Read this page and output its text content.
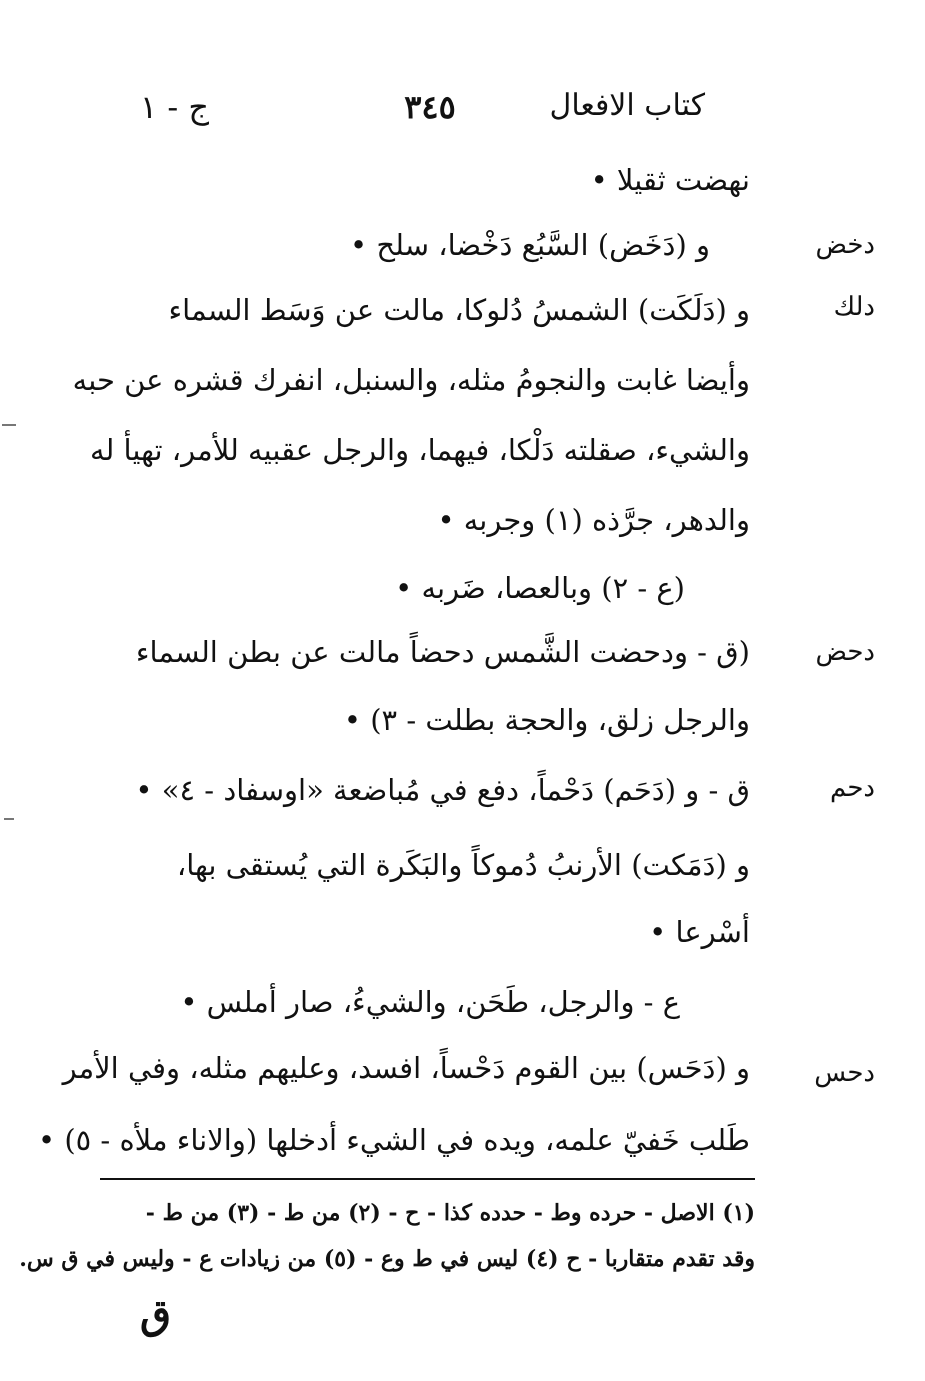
كتاب الافعال
٣٤٥
ج - ١
نهضت ثقيلا •
دخض
و (دَخَض) السَّبُع دَخْضا، سلح •
دلك
و (دَلَكَت) الشمسُ دُلوكا، مالت عن وَسَط السماء
وأيضا غابت والنجومُ مثله، والسنبل، انفرك قشره عن حبه
والشيء، صقلته دَلْكا، فيهما، والرجل عقبيه للأمر، تهيأ له
والدهر، جرَّذه (١) وجربه •
(ع - ٢) وبالعصا، ضَربه •
دحض
(ق - ودحضت الشَّمس دحضاً مالت عن بطن السماء
والرجل زلق، والحجة بطلت - ٣) •
دحم
ق - و (دَحَم) دَحْماً، دفع في مُباضعة «اوسفاد - ٤» •
و (دَمَكت) الأرنبُ دُموكاً والبَكَرة التي يُستقى بها،
أسْرعا •
ع - والرجل، طَحَن، والشيءُ، صار أملس •
دحس
و (دَحَس) بين القوم دَحْساً، افسد، وعليهم مثله، وفي الأمر
طَلب خَفيّ علمه، ويده في الشيء أدخلها (والاناء ملأه - ٥) •
(١) الاصل - حرده وط - حدده كذا - ح - (٢) من ط - (٣) من ط -
وقد تقدم متقاربا - ح (٤) ليس في ط وع - (٥) من زيادات ع - وليس في ق س.
ق
